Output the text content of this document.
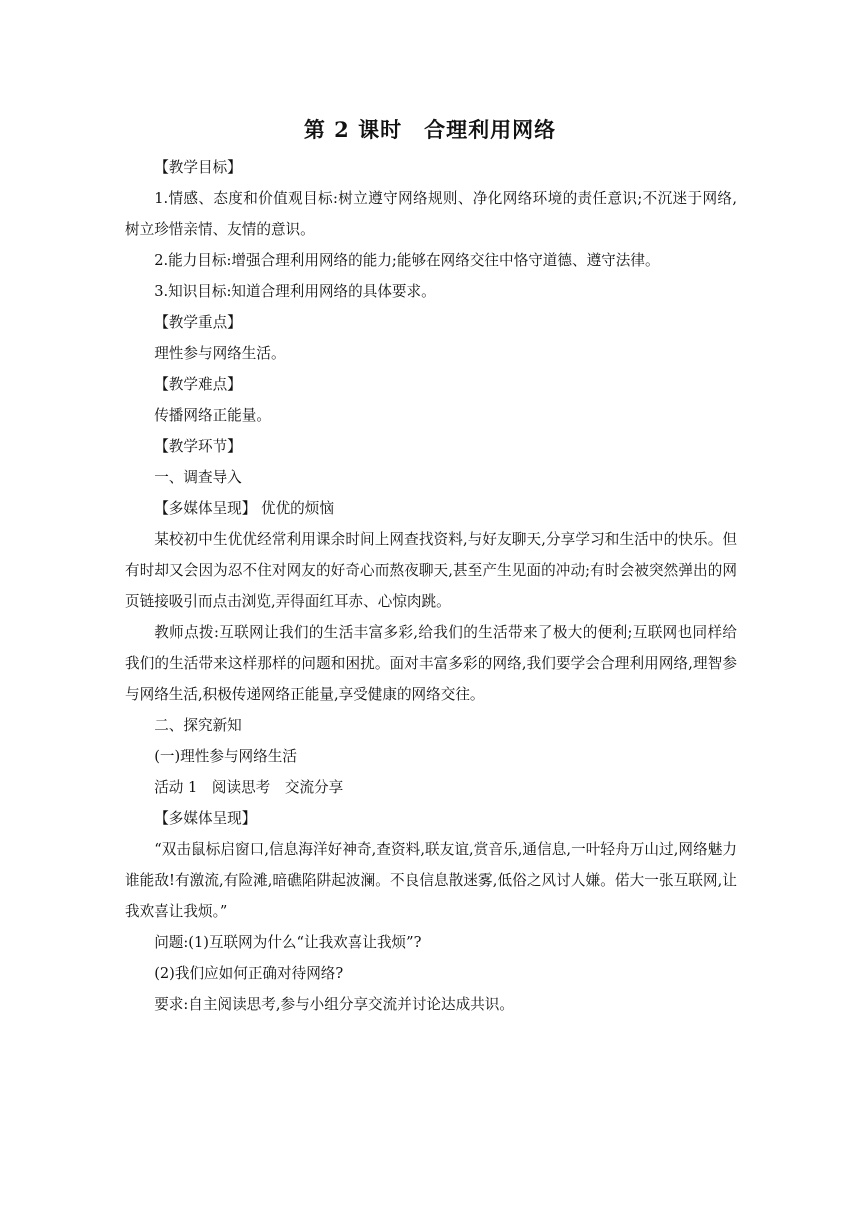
第 2 课时　合理利用网络

【教学目标】

1.情感、态度和价值观目标:树立遵守网络规则、净化网络环境的责任意识;不沉迷于网络,树立珍惜亲情、友情的意识。

2.能力目标:增强合理利用网络的能力;能够在网络交往中恪守道德、遵守法律。

3.知识目标:知道合理利用网络的具体要求。

【教学重点】

理性参与网络生活。

【教学难点】

传播网络正能量。

【教学环节】

一、调查导入

【多媒体呈现】 优优的烦恼

某校初中生优优经常利用课余时间上网查找资料,与好友聊天,分享学习和生活中的快乐。但有时却又会因为忍不住对网友的好奇心而熬夜聊天,甚至产生见面的冲动;有时会被突然弹出的网页链接吸引而点击浏览,弄得面红耳赤、心惊肉跳。

教师点拨:互联网让我们的生活丰富多彩,给我们的生活带来了极大的便利;互联网也同样给我们的生活带来这样那样的问题和困扰。面对丰富多彩的网络,我们要学会合理利用网络,理智参与网络生活,积极传递网络正能量,享受健康的网络交往。

二、探究新知

(一)理性参与网络生活

活动 1　阅读思考　交流分享

【多媒体呈现】

“双击鼠标启窗口,信息海洋好神奇,查资料,联友谊,赏音乐,通信息,一叶轻舟万山过,网络魅力谁能敌!有激流,有险滩,暗礁陷阱起波澜。不良信息散迷雾,低俗之风讨人嫌。偌大一张互联网,让我欢喜让我烦。”

问题:(1)互联网为什么“让我欢喜让我烦”?

(2)我们应如何正确对待网络?

要求:自主阅读思考,参与小组分享交流并讨论达成共识。
